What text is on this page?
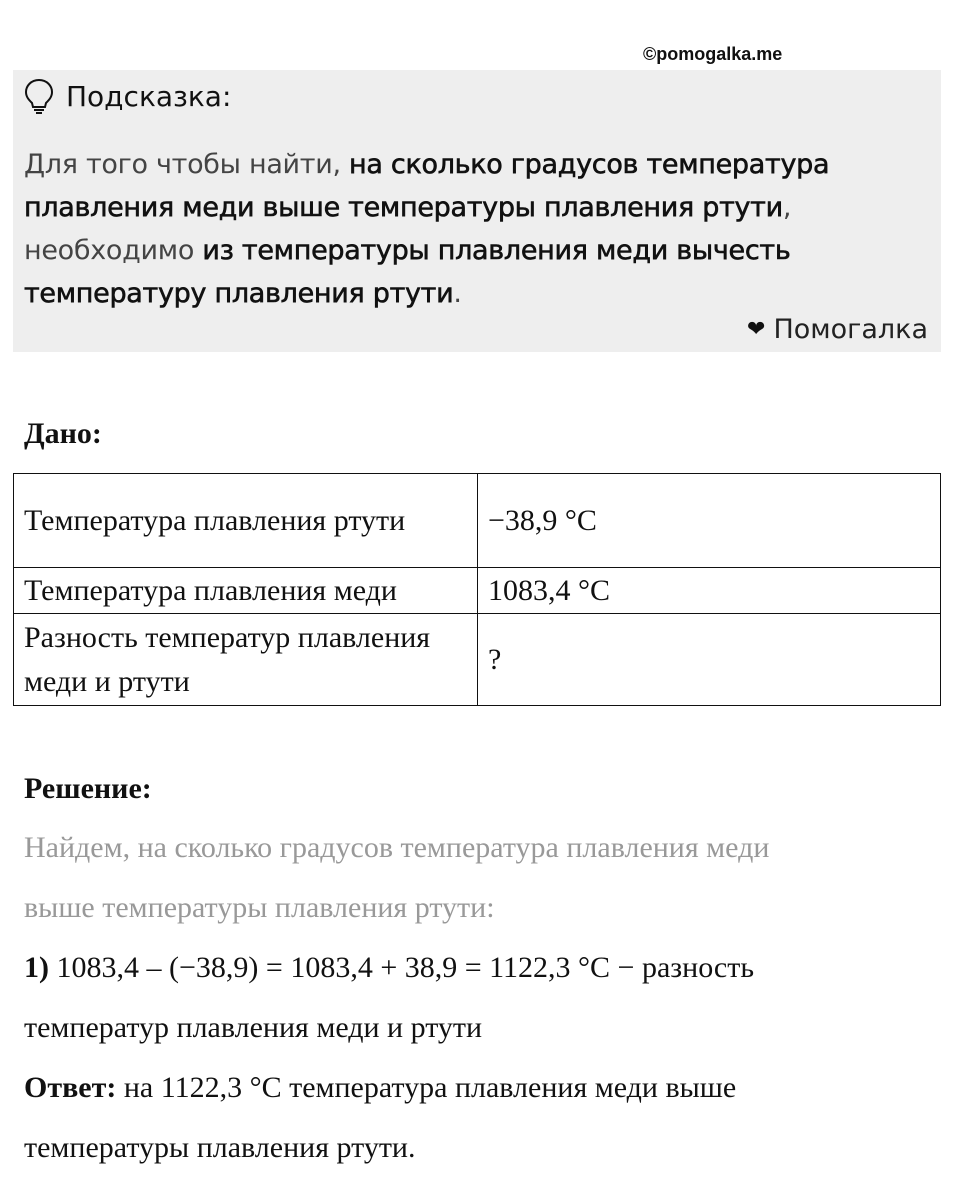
©pomogalka.me
Подсказка:
Для того чтобы найти, на сколько градусов температура плавления меди выше температуры плавления ртути, необходимо из температуры плавления меди вычесть температуру плавления ртути.
❤ Помогалка
Дано:
Температура плавления ртути	−38,9 °C
Температура плавления меди	1083,4 °C
Разность температур плавления меди и ртути	?
Решение:
Найдем, на сколько градусов температура плавления меди
выше температуры плавления ртути:
1) 1083,4 – (−38,9) = 1083,4 + 38,9 = 1122,3 °C − разность
температур плавления меди и ртути
Ответ: на 1122,3 °C температура плавления меди выше
температуры плавления ртути.
